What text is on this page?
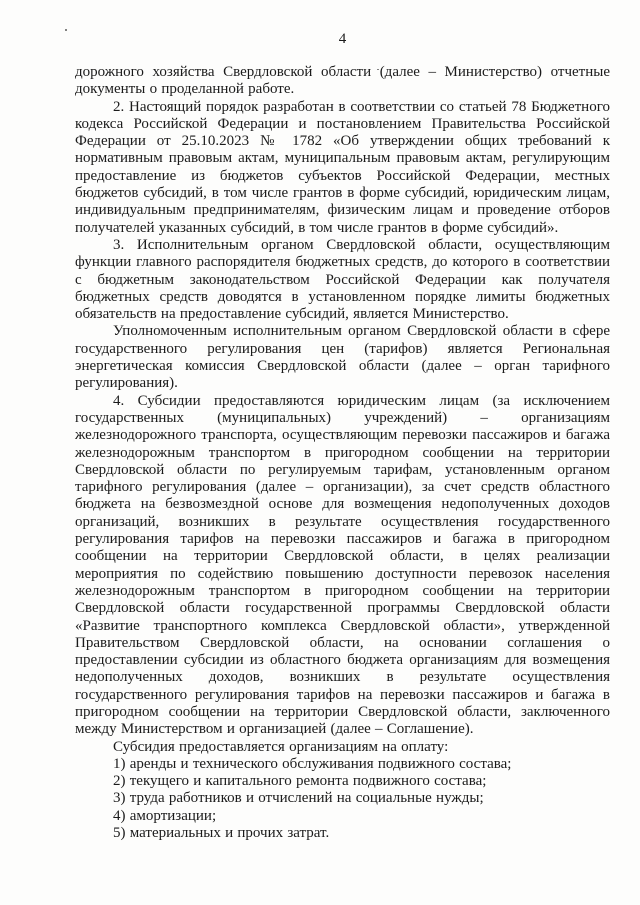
4

дорожного хозяйства Свердловской области (далее – Министерство) отчетные документы о проделанной работе.

2. Настоящий порядок разработан в соответствии со статьей 78 Бюджетного кодекса Российской Федерации и постановлением Правительства Российской Федерации от 25.10.2023 № 1782 «Об утверждении общих требований к нормативным правовым актам, муниципальным правовым актам, регулирующим предоставление из бюджетов субъектов Российской Федерации, местных бюджетов субсидий, в том числе грантов в форме субсидий, юридическим лицам, индивидуальным предпринимателям, физическим лицам и проведение отборов получателей указанных субсидий, в том числе грантов в форме субсидий».

3. Исполнительным органом Свердловской области, осуществляющим функции главного распорядителя бюджетных средств, до которого в соответствии с бюджетным законодательством Российской Федерации как получателя бюджетных средств доводятся в установленном порядке лимиты бюджетных обязательств на предоставление субсидий, является Министерство.

Уполномоченным исполнительным органом Свердловской области в сфере государственного регулирования цен (тарифов) является Региональная энергетическая комиссия Свердловской области (далее – орган тарифного регулирования).

4. Субсидии предоставляются юридическим лицам (за исключением государственных (муниципальных) учреждений) – организациям железнодорожного транспорта, осуществляющим перевозки пассажиров и багажа железнодорожным транспортом в пригородном сообщении на территории Свердловской области по регулируемым тарифам, установленным органом тарифного регулирования (далее – организации), за счет средств областного бюджета на безвозмездной основе для возмещения недополученных доходов организаций, возникших в результате осуществления государственного регулирования тарифов на перевозки пассажиров и багажа в пригородном сообщении на территории Свердловской области, в целях реализации мероприятия по содействию повышению доступности перевозок населения железнодорожным транспортом в пригородном сообщении на территории Свердловской области государственной программы Свердловской области «Развитие транспортного комплекса Свердловской области», утвержденной Правительством Свердловской области, на основании соглашения о предоставлении субсидии из областного бюджета организациям для возмещения недополученных доходов, возникших в результате осуществления государственного регулирования тарифов на перевозки пассажиров и багажа в пригородном сообщении на территории Свердловской области, заключенного между Министерством и организацией (далее – Соглашение).

Субсидия предоставляется организациям на оплату:

1) аренды и технического обслуживания подвижного состава;

2) текущего и капитального ремонта подвижного состава;

3) труда работников и отчислений на социальные нужды;

4) амортизации;

5) материальных и прочих затрат.
